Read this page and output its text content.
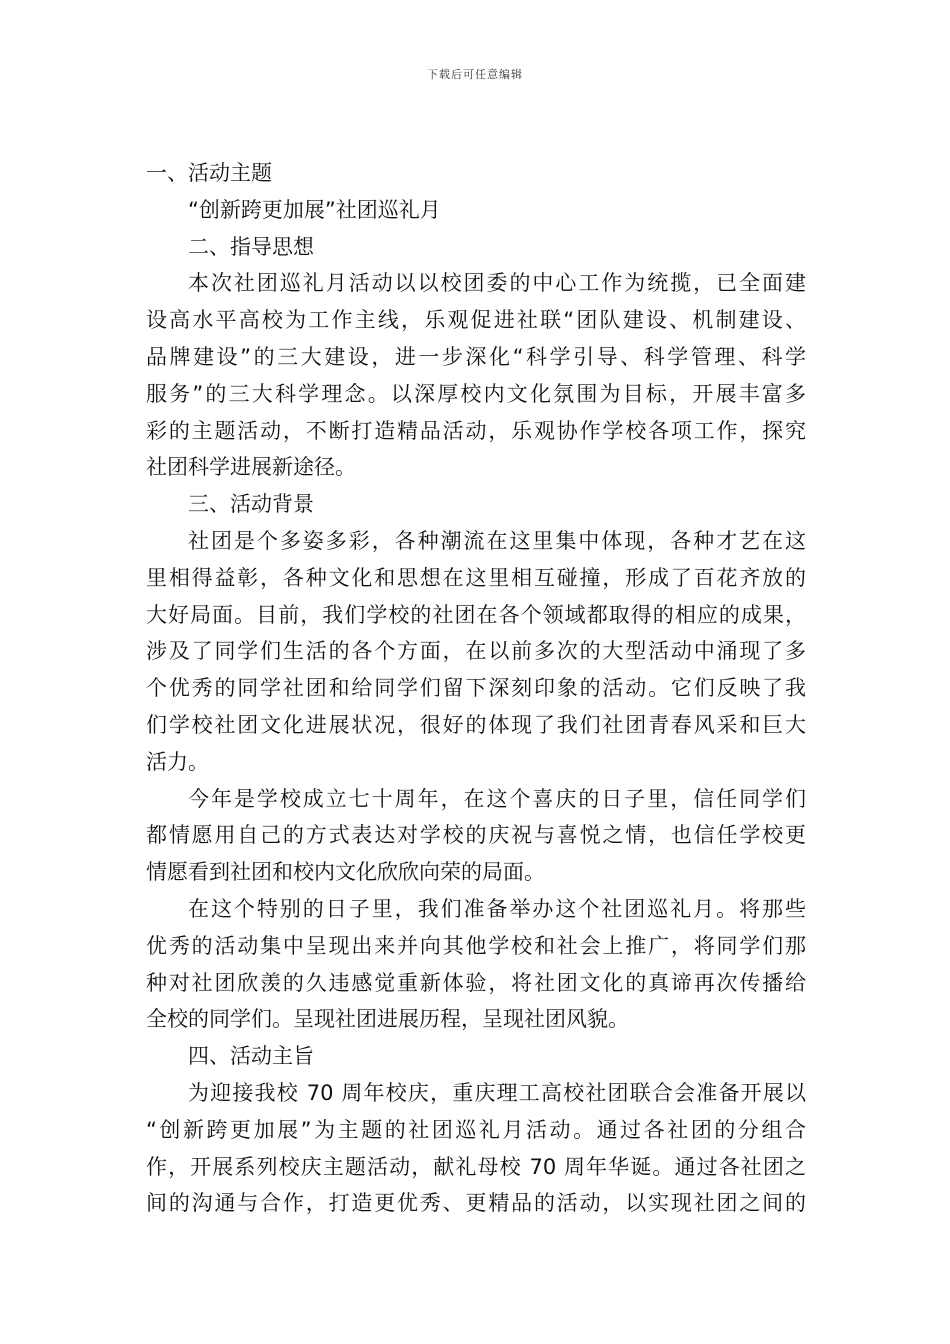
下载后可任意编辑
一、活动主题
“创新跨更加展”社团巡礼月
二、指导思想
本次社团巡礼月活动以以校团委的中心工作为统揽，已全面建
设高水平高校为工作主线，乐观促进社联“团队建设、机制建设、
品牌建设”的三大建设，进一步深化“科学引导、科学管理、科学
服务”的三大科学理念。以深厚校内文化氛围为目标，开展丰富多
彩的主题活动，不断打造精品活动，乐观协作学校各项工作，探究
社团科学进展新途径。
三、活动背景
社团是个多姿多彩，各种潮流在这里集中体现，各种才艺在这
里相得益彰，各种文化和思想在这里相互碰撞，形成了百花齐放的
大好局面。目前，我们学校的社团在各个领域都取得的相应的成果，
涉及了同学们生活的各个方面，在以前多次的大型活动中涌现了多
个优秀的同学社团和给同学们留下深刻印象的活动。它们反映了我
们学校社团文化进展状况，很好的体现了我们社团青春风采和巨大
活力。
今年是学校成立七十周年，在这个喜庆的日子里，信任同学们
都情愿用自己的方式表达对学校的庆祝与喜悦之情，也信任学校更
情愿看到社团和校内文化欣欣向荣的局面。
在这个特别的日子里，我们准备举办这个社团巡礼月。将那些
优秀的活动集中呈现出来并向其他学校和社会上推广，将同学们那
种对社团欣羡的久违感觉重新体验，将社团文化的真谛再次传播给
全校的同学们。呈现社团进展历程，呈现社团风貌。
四、活动主旨
为迎接我校 70 周年校庆，重庆理工高校社团联合会准备开展以
“创新跨更加展”为主题的社团巡礼月活动。通过各社团的分组合
作，开展系列校庆主题活动，献礼母校 70 周年华诞。通过各社团之
间的沟通与合作，打造更优秀、更精品的活动，以实现社团之间的
